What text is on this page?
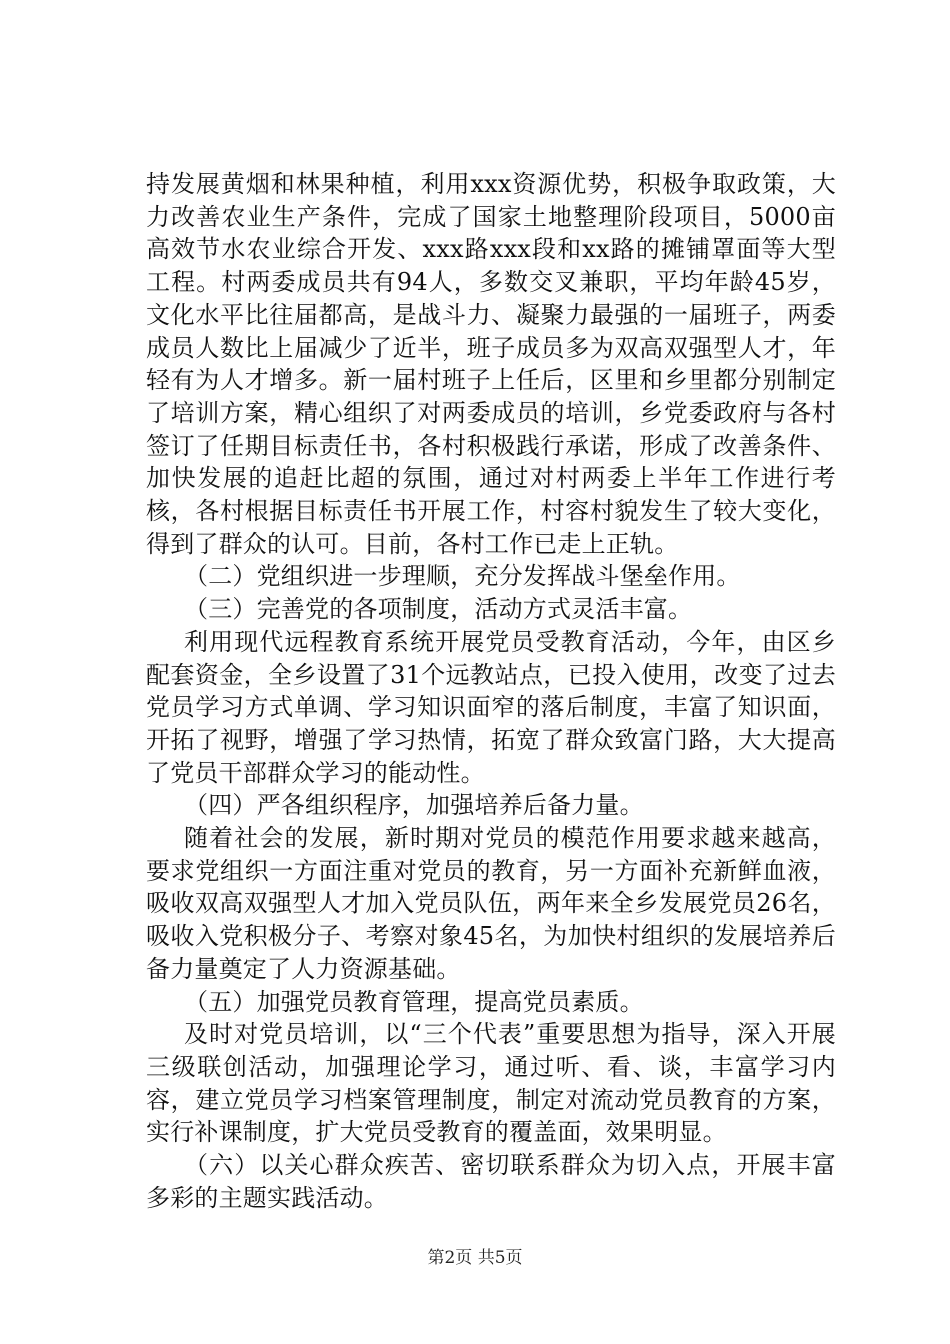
持发展黄烟和林果种植，利用xxx资源优势，积极争取政策，大力改善农业生产条件，完成了国家土地整理阶段项目，5000亩高效节水农业综合开发、xxx路xxx段和xx路的摊铺罩面等大型工程。村两委成员共有94人，多数交叉兼职，平均年龄45岁，文化水平比往届都高，是战斗力、凝聚力最强的一届班子，两委成员人数比上届减少了近半，班子成员多为双高双强型人才，年轻有为人才增多。新一届村班子上任后，区里和乡里都分别制定了培训方案，精心组织了对两委成员的培训，乡党委政府与各村签订了任期目标责任书，各村积极践行承诺，形成了改善条件、加快发展的追赶比超的氛围，通过对村两委上半年工作进行考核，各村根据目标责任书开展工作，村容村貌发生了较大变化，得到了群众的认可。目前，各村工作已走上正轨。

（二）党组织进一步理顺，充分发挥战斗堡垒作用。

（三）完善党的各项制度，活动方式灵活丰富。

利用现代远程教育系统开展党员受教育活动，今年，由区乡配套资金，全乡设置了31个远教站点，已投入使用，改变了过去党员学习方式单调、学习知识面窄的落后制度，丰富了知识面，开拓了视野，增强了学习热情，拓宽了群众致富门路，大大提高了党员干部群众学习的能动性。

（四）严各组织程序，加强培养后备力量。

随着社会的发展，新时期对党员的模范作用要求越来越高，要求党组织一方面注重对党员的教育，另一方面补充新鲜血液，吸收双高双强型人才加入党员队伍，两年来全乡发展党员26名，吸收入党积极分子、考察对象45名，为加快村组织的发展培养后备力量奠定了人力资源基础。

（五）加强党员教育管理，提高党员素质。

及时对党员培训，以“三个代表”重要思想为指导，深入开展三级联创活动，加强理论学习，通过听、看、谈，丰富学习内容，建立党员学习档案管理制度，制定对流动党员教育的方案，实行补课制度，扩大党员受教育的覆盖面，效果明显。

（六）以关心群众疾苦、密切联系群众为切入点，开展丰富多彩的主题实践活动。

第2页 共5页
